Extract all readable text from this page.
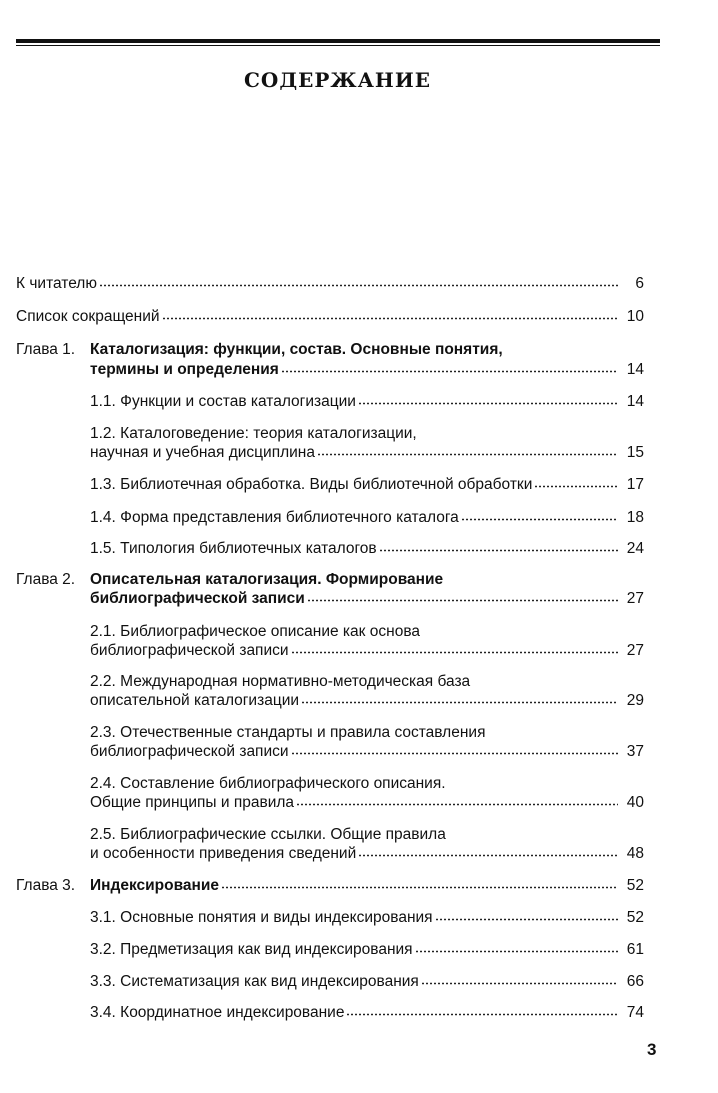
СОДЕРЖАНИЕ
К читателю	6
Список сокращений	10
Глава 1. Каталогизация: функции, состав. Основные понятия,
термины и определения	14
1.1. Функции и состав каталогизации	14
1.2. Каталоговедение: теория каталогизации,
научная и учебная дисциплина	15
1.3. Библиотечная обработка. Виды библиотечной обработки	17
1.4. Форма представления библиотечного каталога	18
1.5. Типология библиотечных каталогов	24
Глава 2. Описательная каталогизация. Формирование
библиографической записи	27
2.1. Библиографическое описание как основа
библиографической записи	27
2.2. Международная нормативно-методическая база
описательной каталогизации	29
2.3. Отечественные стандарты и правила составления
библиографической записи	37
2.4. Составление библиографического описания.
Общие принципы и правила	40
2.5. Библиографические ссылки. Общие правила
и особенности приведения сведений	48
Глава 3. Индексирование	52
3.1. Основные понятия и виды индексирования	52
3.2. Предметизация как вид индексирования	61
3.3. Систематизация как вид индексирования	66
3.4. Координатное индексирование	74
3
